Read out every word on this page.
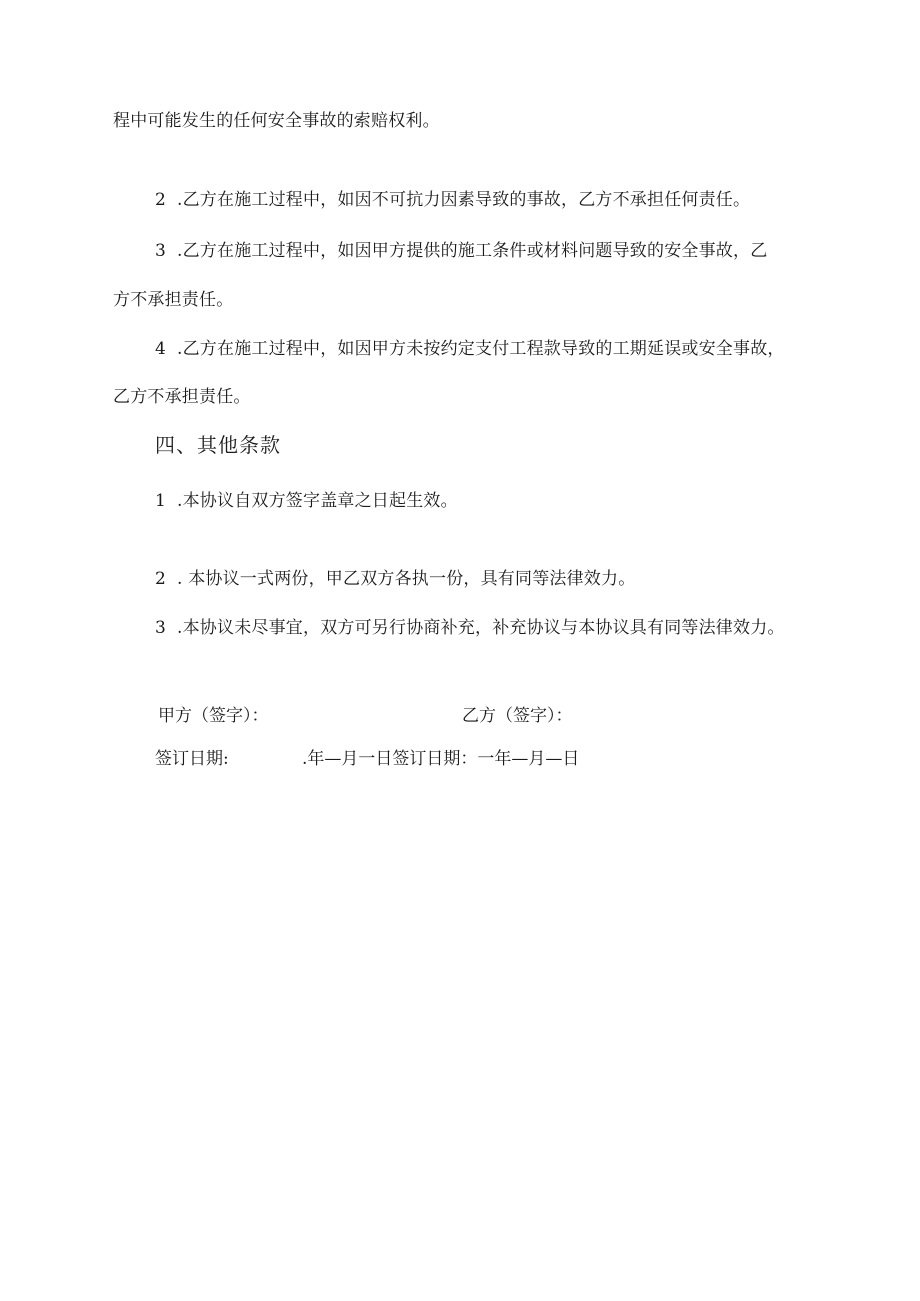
程中可能发生的任何安全事故的索赔权利。
2 .乙方在施工过程中，如因不可抗力因素导致的事故，乙方不承担任何责任。
3 .乙方在施工过程中，如因甲方提供的施工条件或材料问题导致的安全事故，乙
方不承担责任。
4 .乙方在施工过程中，如因甲方未按约定支付工程款导致的工期延误或安全事故，
乙方不承担责任。
四、其他条款
1 .本协议自双方签字盖章之日起生效。
2 . 本协议一式两份，甲乙双方各执一份，具有同等法律效力。
3 .本协议未尽事宜，双方可另行协商补充，补充协议与本协议具有同等法律效力。
甲方（签字）：	乙方（签字）：
签订日期:	.年—月一日签订日期：一年—月—日
